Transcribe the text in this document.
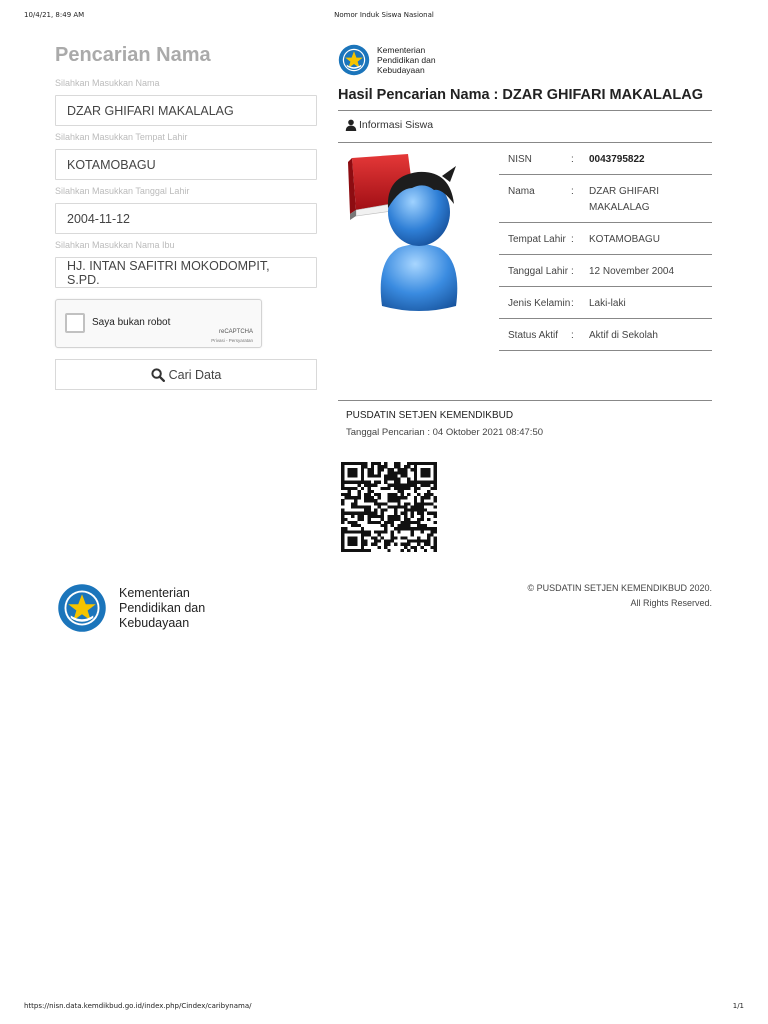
10/4/21, 8:49 AM	Nomor Induk Siswa Nasional
https://nisn.data.kemdikbud.go.id/index.php/Cindex/caribynama/	1/1
Pencarian Nama
Silahkan Masukkan Nama
DZAR GHIFARI MAKALALAG
Silahkan Masukkan Tempat Lahir
KOTAMOBAGU
Silahkan Masukkan Tanggal Lahir
2004-11-12
Silahkan Masukkan Nama Ibu
HJ. INTAN SAFITRI MOKODOMPIT, S.PD.
Saya bukan robot
reCAPTCHA
Privasi - Persyaratan
Cari Data
Kementerian
Pendidikan dan
Kebudayaan
Hasil Pencarian Nama : DZAR GHIFARI MAKALALAG
Informasi Siswa
NISN	:	0043795822
Nama	:	DZAR GHIFARI MAKALALAG
Tempat Lahir	:	KOTAMOBAGU
Tanggal Lahir	:	12 November 2004
Jenis Kelamin	:	Laki-laki
Status Aktif	:	Aktif di Sekolah
PUSDATIN SETJEN KEMENDIKBUD
Tanggal Pencarian : 04 Oktober 2021 08:47:50
Kementerian
Pendidikan dan
Kebudayaan
© PUSDATIN SETJEN KEMENDIKBUD 2020.
All Rights Reserved.
